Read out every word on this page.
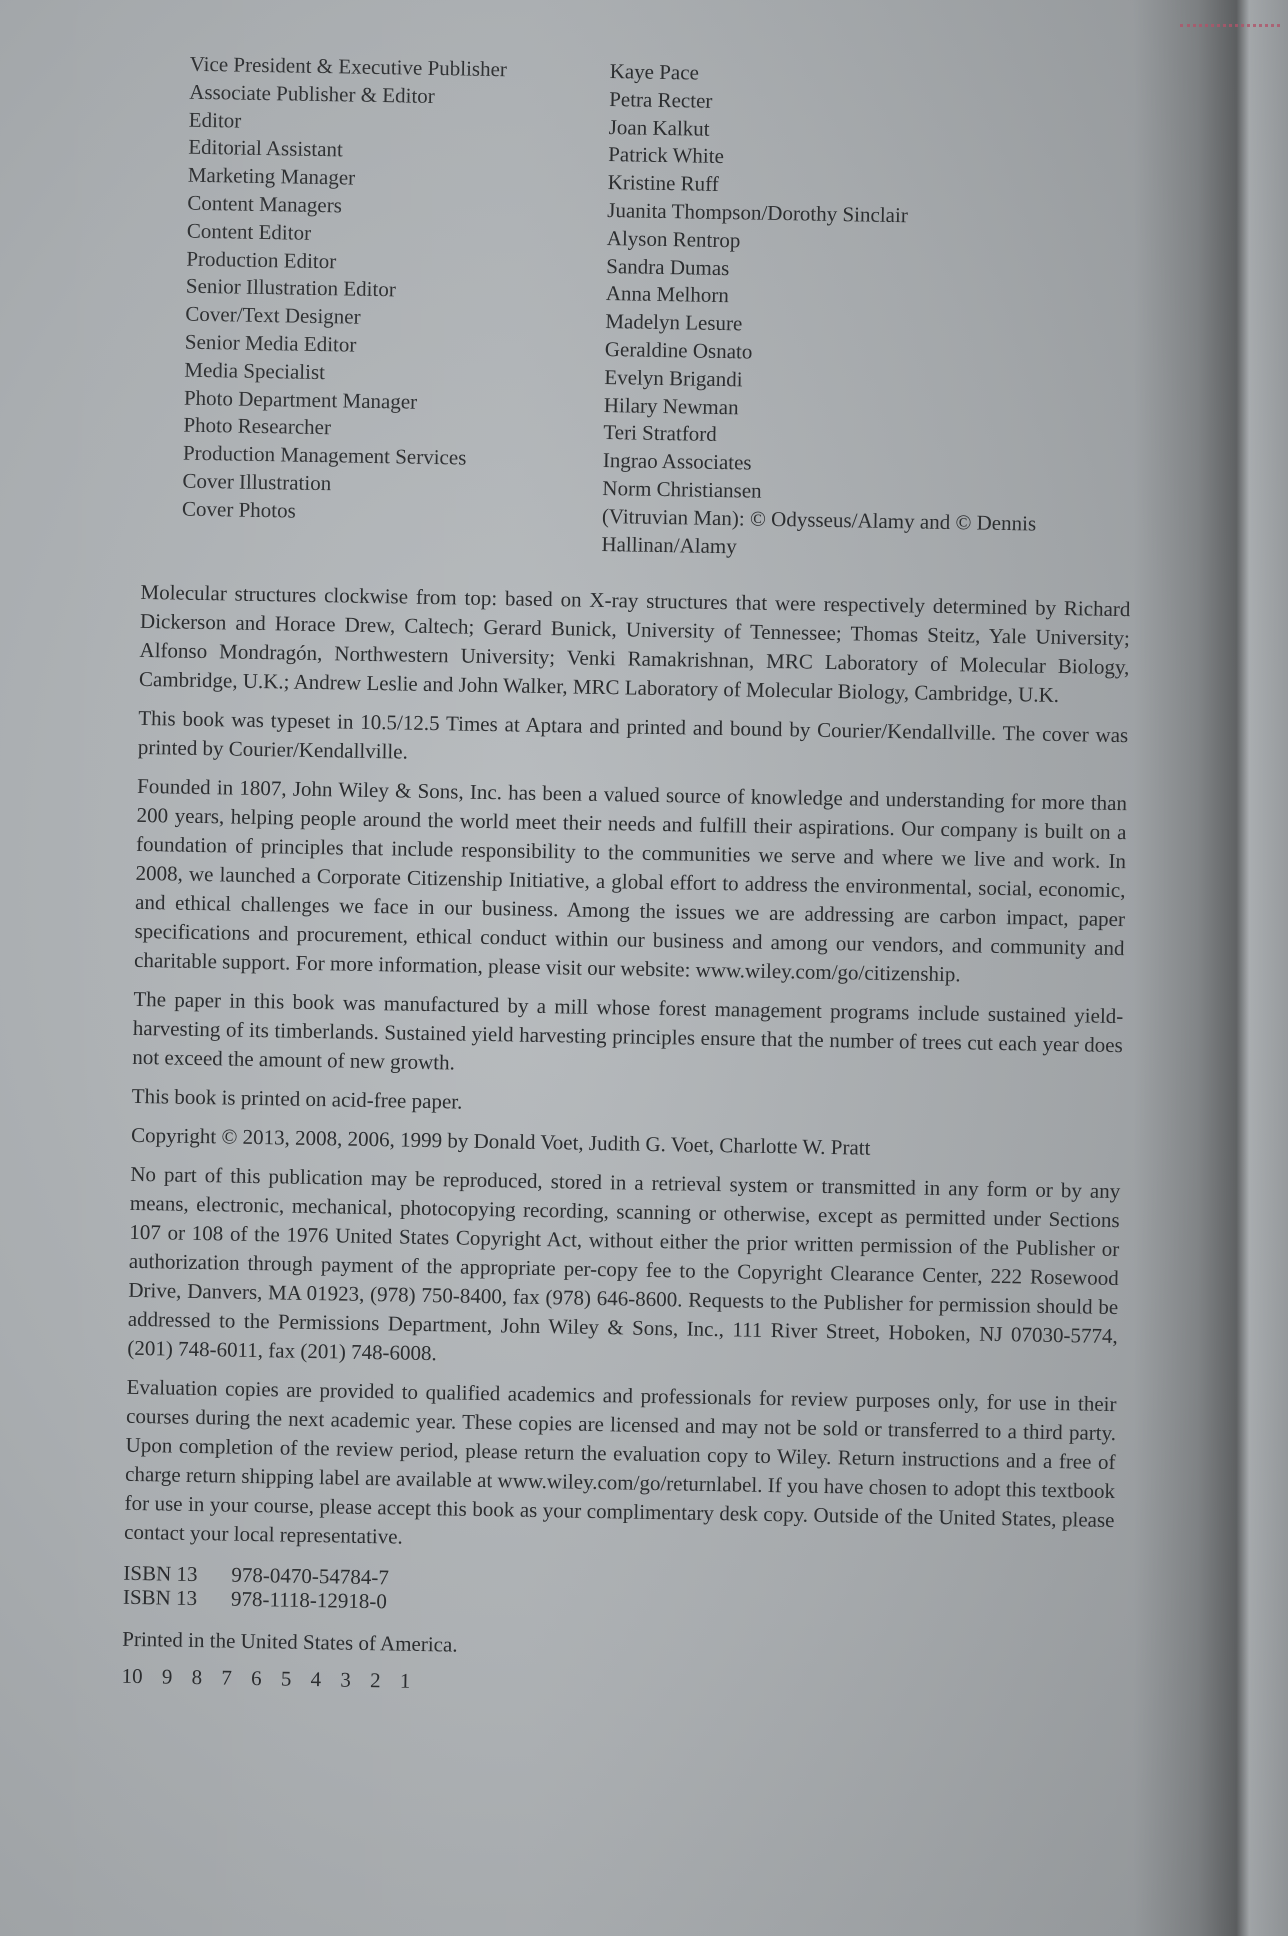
Vice President & Executive Publisher	Kaye Pace
Associate Publisher & Editor	Petra Recter
Editor	Joan Kalkut
Editorial Assistant	Patrick White
Marketing Manager	Kristine Ruff
Content Managers	Juanita Thompson/Dorothy Sinclair
Content Editor	Alyson Rentrop
Production Editor	Sandra Dumas
Senior Illustration Editor	Anna Melhorn
Cover/Text Designer	Madelyn Lesure
Senior Media Editor	Geraldine Osnato
Media Specialist	Evelyn Brigandi
Photo Department Manager	Hilary Newman
Photo Researcher	Teri Stratford
Production Management Services	Ingrao Associates
Cover Illustration	Norm Christiansen
Cover Photos	(Vitruvian Man): © Odysseus/Alamy and © Dennis Hallinan/Alamy

Molecular structures clockwise from top: based on X-ray structures that were respectively determined by Richard Dickerson and Horace Drew, Caltech; Gerard Bunick, University of Tennessee; Thomas Steitz, Yale University; Alfonso Mondragón, Northwestern University; Venki Ramakrishnan, MRC Laboratory of Molecular Biology, Cambridge, U.K.; Andrew Leslie and John Walker, MRC Laboratory of Molecular Biology, Cambridge, U.K.

This book was typeset in 10.5/12.5 Times at Aptara and printed and bound by Courier/Kendallville. The cover was printed by Courier/Kendallville.

Founded in 1807, John Wiley & Sons, Inc. has been a valued source of knowledge and understanding for more than 200 years, helping people around the world meet their needs and fulfill their aspirations. Our company is built on a foundation of principles that include responsibility to the communities we serve and where we live and work. In 2008, we launched a Corporate Citizenship Initiative, a global effort to address the environmental, social, economic, and ethical challenges we face in our business. Among the issues we are addressing are carbon impact, paper specifications and procurement, ethical conduct within our business and among our vendors, and community and charitable support. For more information, please visit our website: www.wiley.com/go/citizenship.

The paper in this book was manufactured by a mill whose forest management programs include sustained yield-harvesting of its timberlands. Sustained yield harvesting principles ensure that the number of trees cut each year does not exceed the amount of new growth.

This book is printed on acid-free paper.

Copyright © 2013, 2008, 2006, 1999 by Donald Voet, Judith G. Voet, Charlotte W. Pratt

No part of this publication may be reproduced, stored in a retrieval system or transmitted in any form or by any means, electronic, mechanical, photocopying recording, scanning or otherwise, except as permitted under Sections 107 or 108 of the 1976 United States Copyright Act, without either the prior written permission of the Publisher or authorization through payment of the appropriate per-copy fee to the Copyright Clearance Center, 222 Rosewood Drive, Danvers, MA 01923, (978) 750-8400, fax (978) 646-8600. Requests to the Publisher for permission should be addressed to the Permissions Department, John Wiley & Sons, Inc., 111 River Street, Hoboken, NJ 07030-5774, (201) 748-6011, fax (201) 748-6008.

Evaluation copies are provided to qualified academics and professionals for review purposes only, for use in their courses during the next academic year. These copies are licensed and may not be sold or transferred to a third party. Upon completion of the review period, please return the evaluation copy to Wiley. Return instructions and a free of charge return shipping label are available at www.wiley.com/go/returnlabel. If you have chosen to adopt this textbook for use in your course, please accept this book as your complimentary desk copy. Outside of the United States, please contact your local representative.

ISBN 13	978-0470-54784-7
ISBN 13	978-1118-12918-0
Printed in the United States of America.
10 9 8 7 6 5 4 3 2 1
